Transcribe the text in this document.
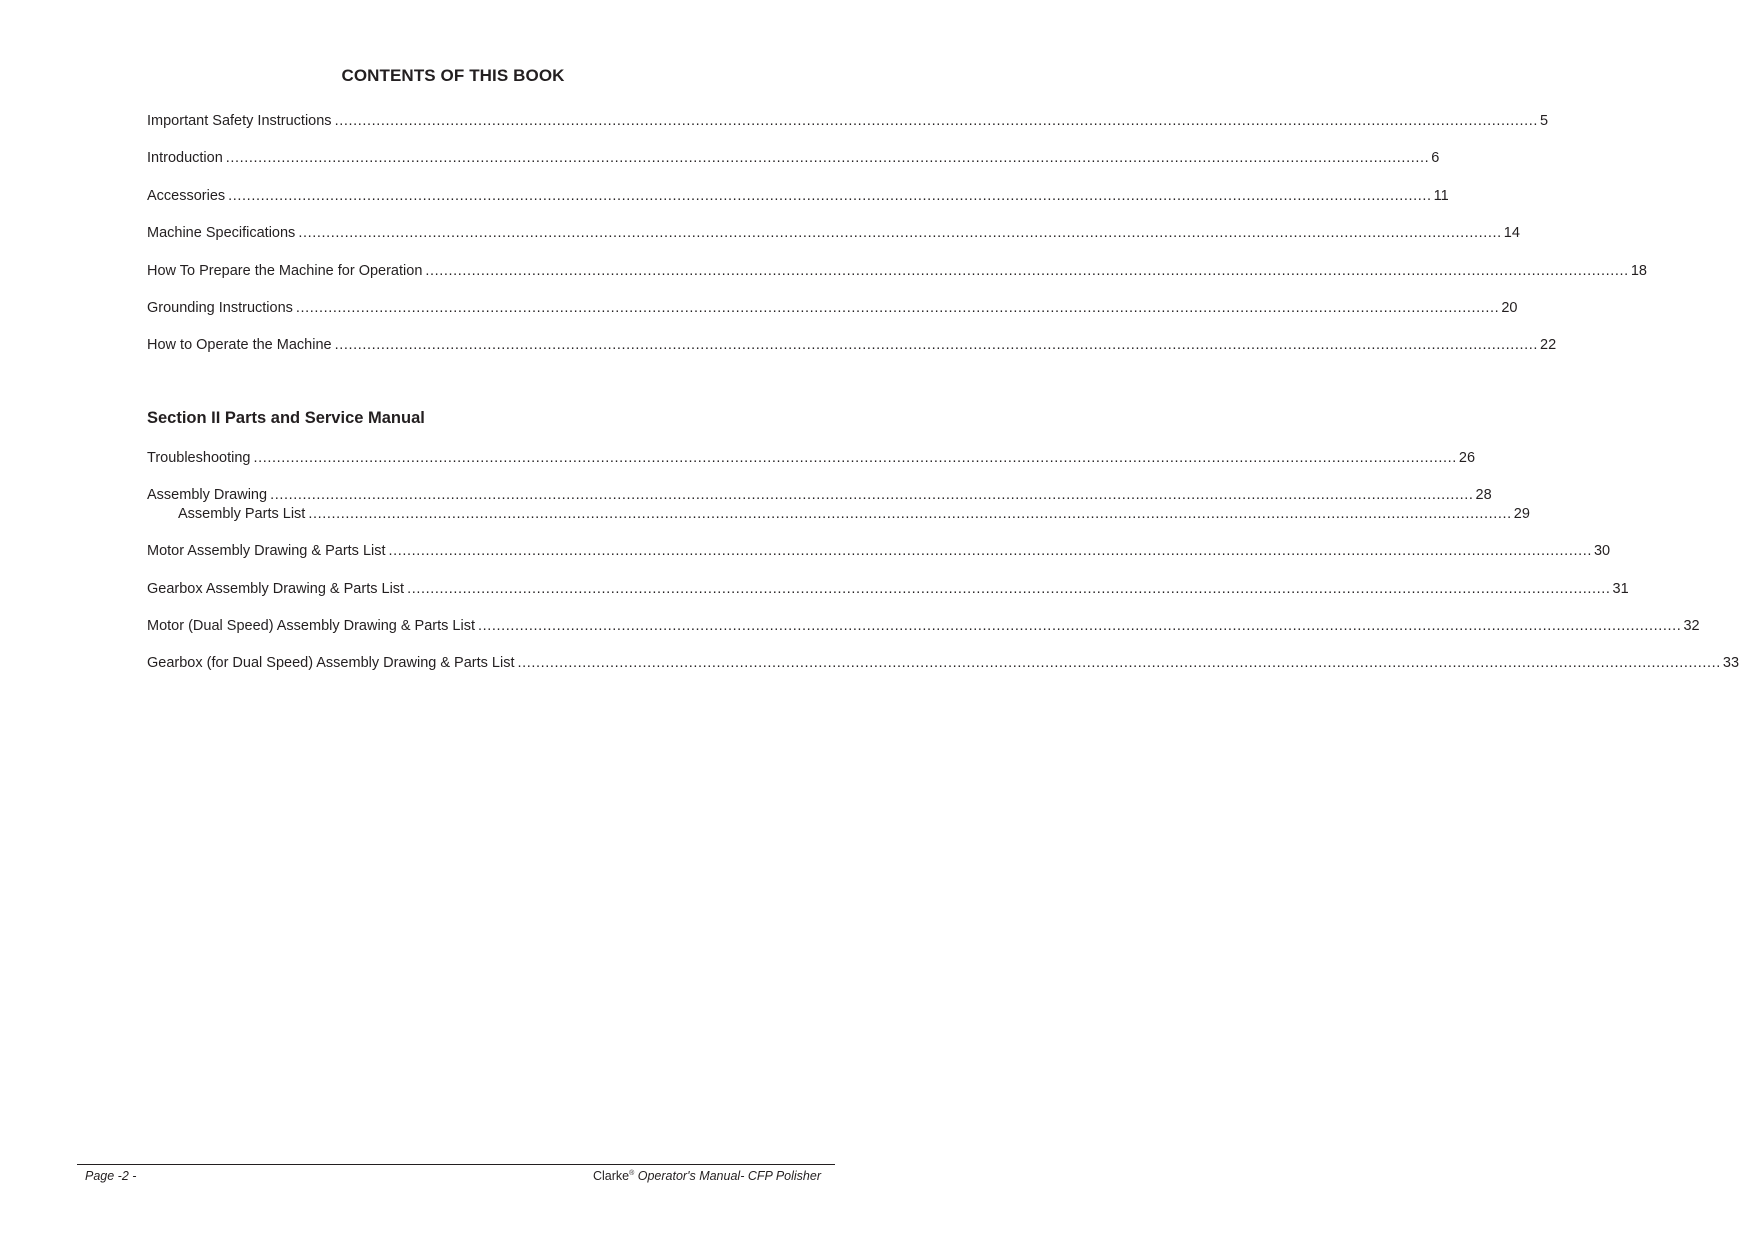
CONTENTS OF THIS BOOK
Important Safety Instructions .................................................................................................................................................................................................................................................................... 5
Introduction .................................................................................................................................................................................................................................................................... 6
Accessories .................................................................................................................................................................................................................................................................... 11
Machine Specifications .................................................................................................................................................................................................................................................................... 14
How To Prepare the Machine for Operation .................................................................................................................................................................................................................................................................... 18
Grounding Instructions .................................................................................................................................................................................................................................................................... 20
How to Operate the Machine .................................................................................................................................................................................................................................................................... 22
Section II Parts and Service Manual
Troubleshooting .................................................................................................................................................................................................................................................................... 26
Assembly Drawing .................................................................................................................................................................................................................................................................... 28
Assembly Parts List .................................................................................................................................................................................................................................................................... 29
Motor Assembly Drawing & Parts List .................................................................................................................................................................................................................................................................... 30
Gearbox Assembly Drawing & Parts List .................................................................................................................................................................................................................................................................... 31
Motor (Dual Speed) Assembly Drawing & Parts List .................................................................................................................................................................................................................................................................... 32
Gearbox (for Dual Speed) Assembly Drawing & Parts List .................................................................................................................................................................................................................................................................... 33
Page -2 -	Clarke® Operator's Manual- CFP Polisher
